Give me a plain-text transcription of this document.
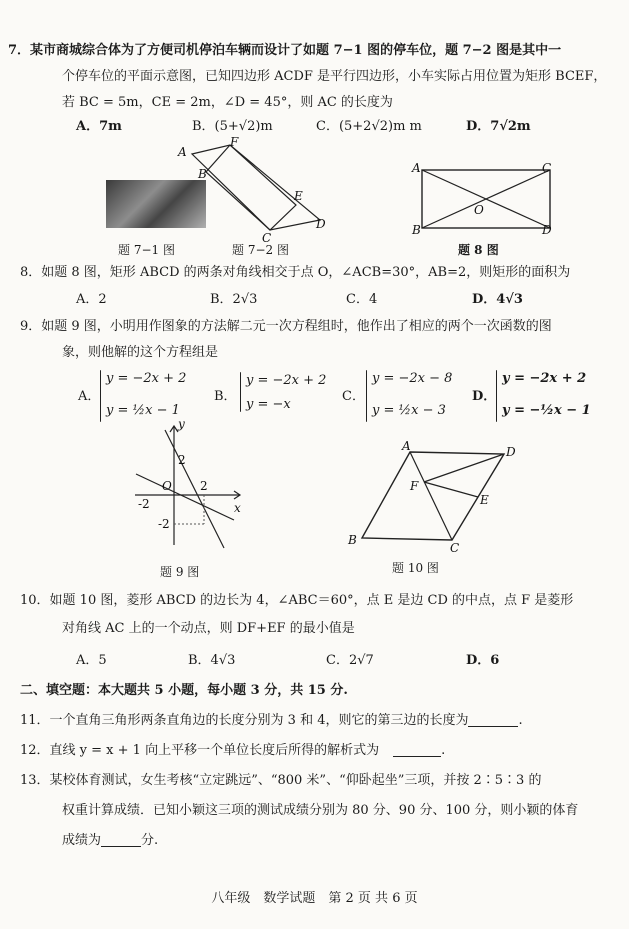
7．某市商城综合体为了方便司机停泊车辆而设计了如题 7−1 图的停车位，题 7−2 图是其中一
个停车位的平面示意图，已知四边形 ACDF 是平行四边形，小车实际占用位置为矩形 BCEF，
若 BC = 5m，CE = 2m，∠D = 45°，则 AC 的长度为
A．7m	B．(5+√2)m	C．(5+2√2)m m	D．7√2m
A
F
B
E
C
D
题 7−1 图	题 7−2 图
A	C
O
B	D
题 8 图
8．如题 8 图，矩形 ABCD 的两条对角线相交于点 O，∠ACB=30°，AB=2，则矩形的面积为
A．2	B．2√3	C．4	D．4√3
9．如题 9 图，小明用作图象的方法解二元一次方程组时，他作出了相应的两个一次函数的图
象，则他解的这个方程组是
A．
y = −2x + 2
y = ½x − 1
B．
y = −2x + 2
y = −x
C．
y = −2x − 8
y = ½x − 3
D．
y = −2x + 2
y = −½x − 1
y
x
O
2
2
-2
-2
题 9 图
A	D
F
E
B
C
题 10 图
10．如题 10 图，菱形 ABCD 的边长为 4，∠ABC＝60°，点 E 是边 CD 的中点，点 F 是菱形
对角线 AC 上的一个动点，则 DF+EF 的最小值是
A．5	B．4√3	C．2√7	D．6
二、填空题：本大题共 5 小题，每小题 3 分，共 15 分.
11．一个直角三角形两条直角边的长度分别为 3 和 4，则它的第三边的长度为	.
12．直线 y = x + 1 向上平移一个单位长度后所得的解析式为	.
13．某校体育测试，女生考核“立定跳远”、“800 米”、“仰卧起坐”三项，并按 2∶5∶3 的
权重计算成绩．已知小颖这三项的测试成绩分别为 80 分、90 分、100 分，则小颖的体育
成绩为	分.
八年级　数学试题　第 2 页 共 6 页
